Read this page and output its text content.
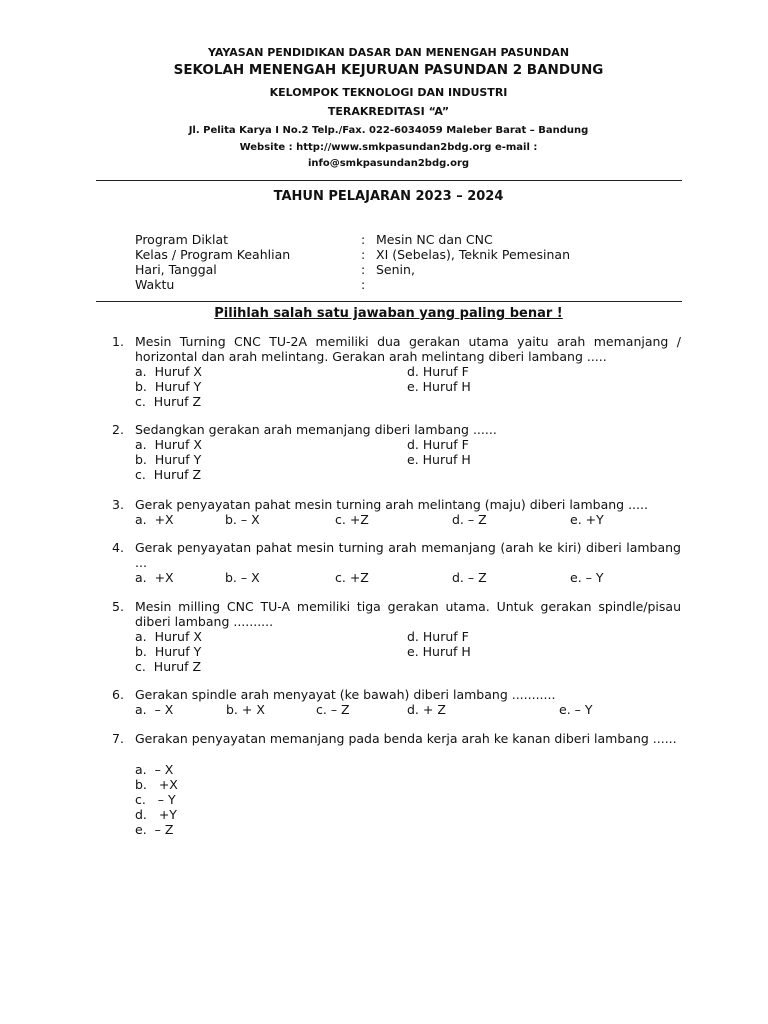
YAYASAN PENDIDIKAN DASAR DAN MENENGAH PASUNDAN
SEKOLAH MENENGAH KEJURUAN PASUNDAN 2 BANDUNG
KELOMPOK TEKNOLOGI DAN INDUSTRI
TERAKREDITASI “A”
Jl. Pelita Karya I No.2 Telp./Fax. 022-6034059 Maleber Barat – Bandung
Website : http://www.smkpasundan2bdg.org e-mail :
info@smkpasundan2bdg.org
TAHUN PELAJARAN 2023 – 2024
Program Diklat	: Mesin NC dan CNC
Kelas / Program Keahlian	: XI (Sebelas), Teknik Pemesinan
Hari, Tanggal	: Senin,
Waktu	:
Pilihlah salah satu jawaban yang paling benar !
1. Mesin Turning CNC TU-2A memiliki dua gerakan utama yaitu arah memanjang / horizontal dan arah melintang. Gerakan arah melintang diberi lambang .....
a.  Huruf X
b.  Huruf Y
c.  Huruf Z
d. Huruf F
e. Huruf H
2. Sedangkan gerakan arah memanjang diberi lambang ......
a.  Huruf X
b.  Huruf Y
c.  Huruf Z
d. Huruf F
e. Huruf H
3. Gerak penyayatan pahat mesin turning arah melintang (maju) diberi lambang .....
a.  +X	b. – X	c. +Z	d. – Z	e. +Y
4. Gerak penyayatan pahat mesin turning arah memanjang (arah ke kiri) diberi lambang ...
a.  +X	b. – X	c. +Z	d. – Z	e. – Y
5. Mesin milling CNC TU-A memiliki tiga gerakan utama. Untuk gerakan spindle/pisau diberi lambang ..........
a.  Huruf X
b.  Huruf Y
c.  Huruf Z
d. Huruf F
e. Huruf H
6. Gerakan spindle arah menyayat (ke bawah) diberi lambang ...........
a.  – X	b. + X	c. – Z	d. + Z	e. – Y
7. Gerakan penyayatan memanjang pada benda kerja arah ke kanan diberi lambang ......
a.  – X
b.   +X
c.   – Y
d.   +Y
e.  – Z
